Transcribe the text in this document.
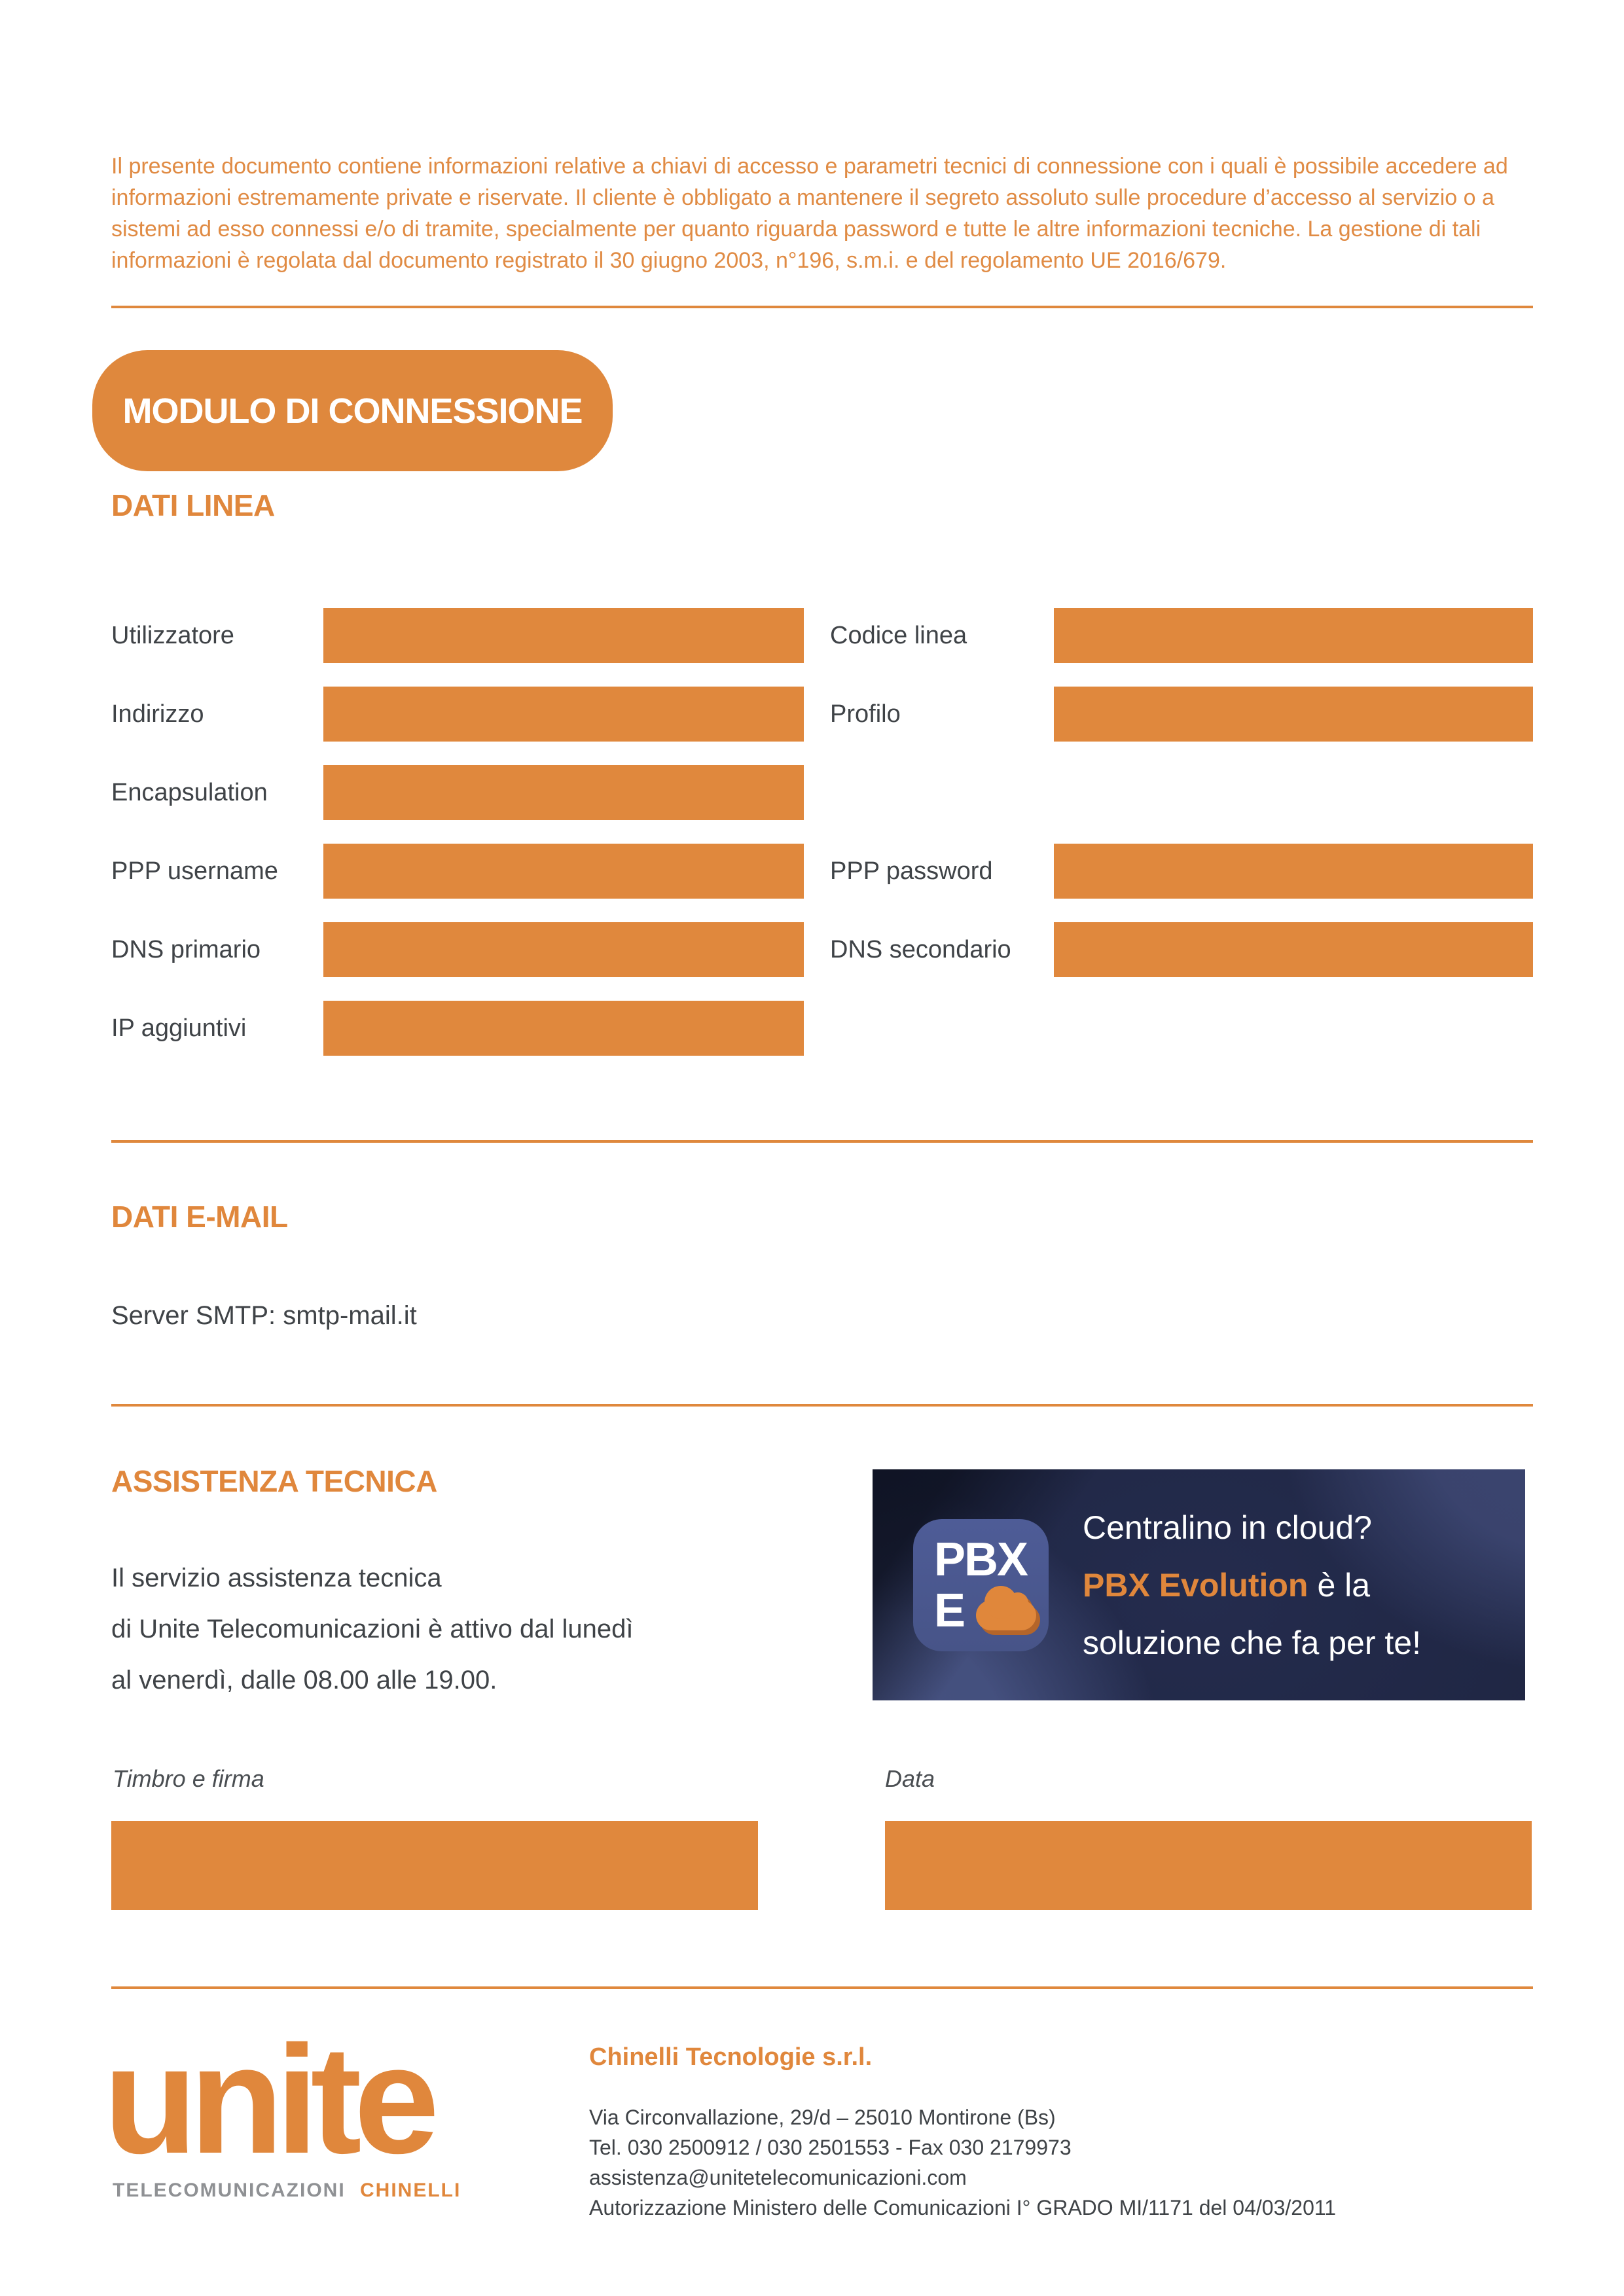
Il presente documento contiene informazioni relative a chiavi di accesso e parametri tecnici di connessione con i quali è possibile accedere ad informazioni estremamente private e riservate. Il cliente è obbligato a mantenere il segreto assoluto sulle procedure d’accesso al servizio o a sistemi ad esso connessi e/o di tramite, specialmente per quanto riguarda password e tutte le altre informazioni tecniche. La gestione di tali informazioni è regolata dal documento registrato il 30 giugno 2003, n°196, s.m.i. e del regolamento UE 2016/679.

MODULO DI CONNESSIONE
DATI LINEA
Utilizzatore	Codice linea
Indirizzo	Profilo
Encapsulation
PPP username	PPP password
DNS primario	DNS secondario
IP aggiuntivi
DATI E-MAIL

Server SMTP: smtp-mail.it

ASSISTENZA TECNICA
Il servizio assistenza tecnica
di Unite Telecomunicazioni è attivo dal lunedì
al venerdì, dalle 08.00 alle 19.00.
PBX
E
Centralino in cloud?
PBX Evolution è la
soluzione che fa per te!
Timbro e firma	Data
unite
TELECOMUNICAZIONI CHINELLI
Chinelli Tecnologie s.r.l.
Via Circonvallazione, 29/d – 25010 Montirone (Bs)
Tel. 030 2500912 / 030 2501553 - Fax 030 2179973
assistenza@unitetelecomunicazioni.com
Autorizzazione Ministero delle Comunicazioni I° GRADO MI/1171 del 04/03/2011
